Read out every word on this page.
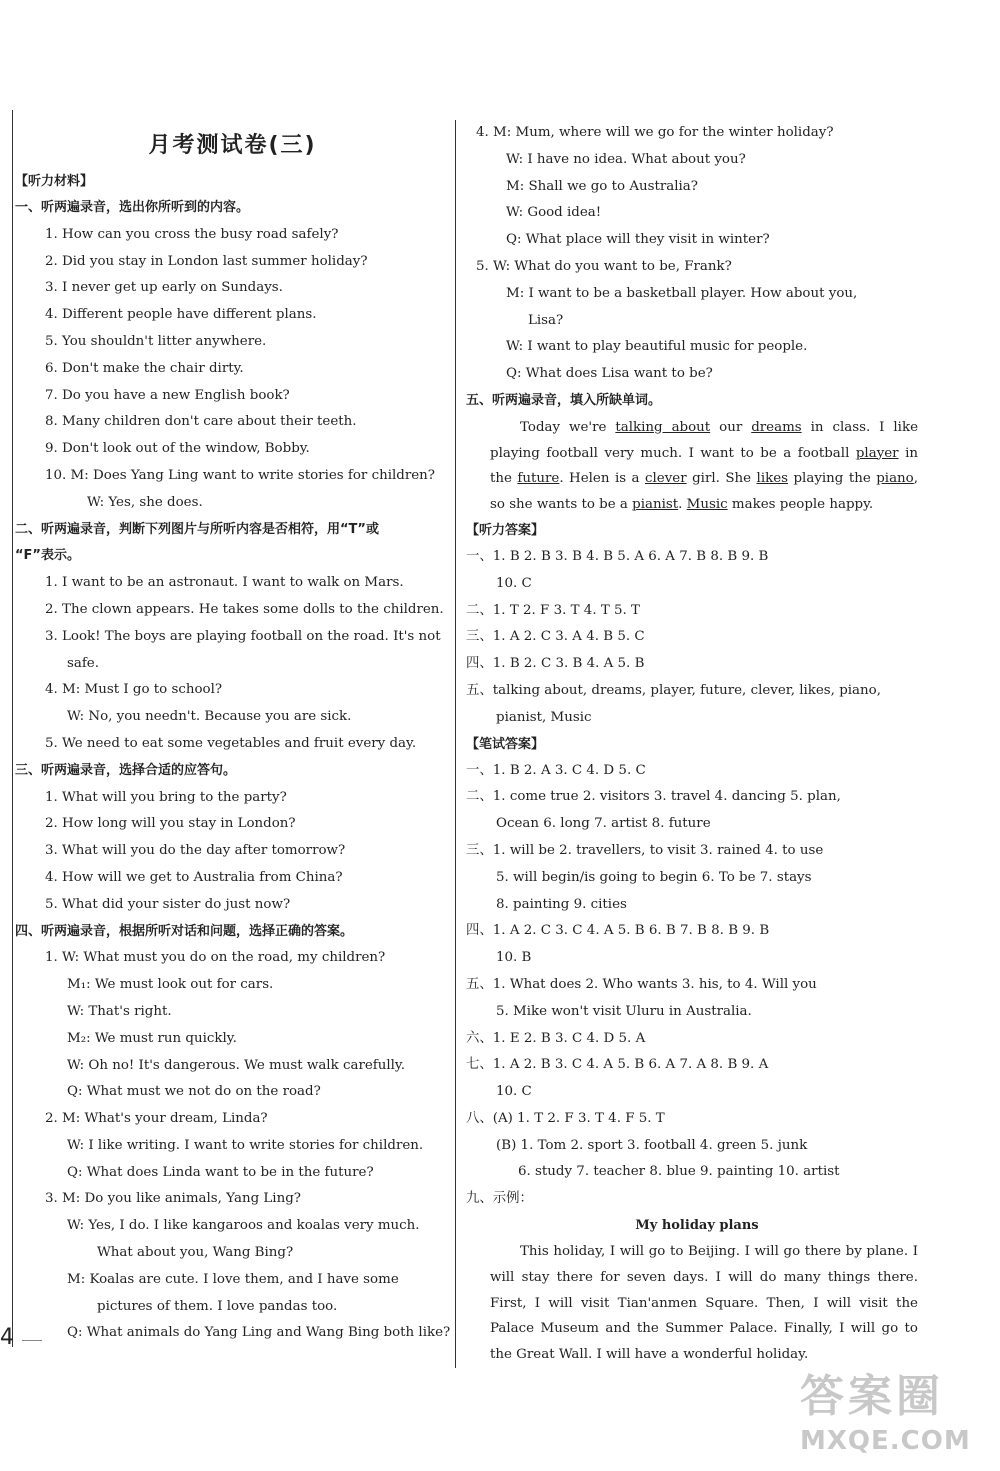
月考测试卷(三)
【听力材料】
一、听两遍录音，选出你所听到的内容。
1. How can you cross the busy road safely?
2. Did you stay in London last summer holiday?
3. I never get up early on Sundays.
4. Different people have different plans.
5. You shouldn't litter anywhere.
6. Don't make the chair dirty.
7. Do you have a new English book?
8. Many children don't care about their teeth.
9. Don't look out of the window, Bobby.
10. M: Does Yang Ling want to write stories for children?
W: Yes, she does.
二、听两遍录音，判断下列图片与所听内容是否相符，用“T”或
“F”表示。
1. I want to be an astronaut. I want to walk on Mars.
2. The clown appears. He takes some dolls to the children.
3. Look! The boys are playing football on the road. It's not
safe.
4. M: Must I go to school?
W: No, you needn't. Because you are sick.
5. We need to eat some vegetables and fruit every day.
三、听两遍录音，选择合适的应答句。
1. What will you bring to the party?
2. How long will you stay in London?
3. What will you do the day after tomorrow?
4. How will we get to Australia from China?
5. What did your sister do just now?
四、听两遍录音，根据所听对话和问题，选择正确的答案。
1. W: What must you do on the road, my children?
M₁: We must look out for cars.
W: That's right.
M₂: We must run quickly.
W: Oh no! It's dangerous. We must walk carefully.
Q: What must we not do on the road?
2. M: What's your dream, Linda?
W: I like writing. I want to write stories for children.
Q: What does Linda want to be in the future?
3. M: Do you like animals, Yang Ling?
W: Yes, I do. I like kangaroos and koalas very much.
What about you, Wang Bing?
M: Koalas are cute. I love them, and I have some
pictures of them. I love pandas too.
Q: What animals do Yang Ling and Wang Bing both like?
4. M: Mum, where will we go for the winter holiday?
W: I have no idea. What about you?
M: Shall we go to Australia?
W: Good idea!
Q: What place will they visit in winter?
5. W: What do you want to be, Frank?
M: I want to be a basketball player. How about you,
Lisa?
W: I want to play beautiful music for people.
Q: What does Lisa want to be?
五、听两遍录音，填入所缺单词。
Today we're talking about our dreams in class. I like playing football very much. I want to be a football player in the future. Helen is a clever girl. She likes playing the piano, so she wants to be a pianist. Music makes people happy.
【听力答案】
一、1. B 2. B 3. B 4. B 5. A 6. A 7. B 8. B 9. B
10. C
二、1. T 2. F 3. T 4. T 5. T
三、1. A 2. C 3. A 4. B 5. C
四、1. B 2. C 3. B 4. A 5. B
五、talking about, dreams, player, future, clever, likes, piano,
pianist, Music
【笔试答案】
一、1. B 2. A 3. C 4. D 5. C
二、1. come true 2. visitors 3. travel 4. dancing 5. plan,
Ocean 6. long 7. artist 8. future
三、1. will be 2. travellers, to visit 3. rained 4. to use
5. will begin/is going to begin 6. To be 7. stays
8. painting 9. cities
四、1. A 2. C 3. C 4. A 5. B 6. B 7. B 8. B 9. B
10. B
五、1. What does 2. Who wants 3. his, to 4. Will you
5. Mike won't visit Uluru in Australia.
六、1. E 2. B 3. C 4. D 5. A
七、1. A 2. B 3. C 4. A 5. B 6. A 7. A 8. B 9. A
10. C
八、(A) 1. T 2. F 3. T 4. F 5. T
(B) 1. Tom 2. sport 3. football 4. green 5. junk
6. study 7. teacher 8. blue 9. painting 10. artist
九、示例：
My holiday plans
This holiday, I will go to Beijing. I will go there by plane. I will stay there for seven days. I will do many things there. First, I will visit Tian'anmen Square. Then, I will visit the Palace Museum and the Summer Palace. Finally, I will go to the Great Wall. I will have a wonderful holiday.
4
答案圈
MXQE.COM
